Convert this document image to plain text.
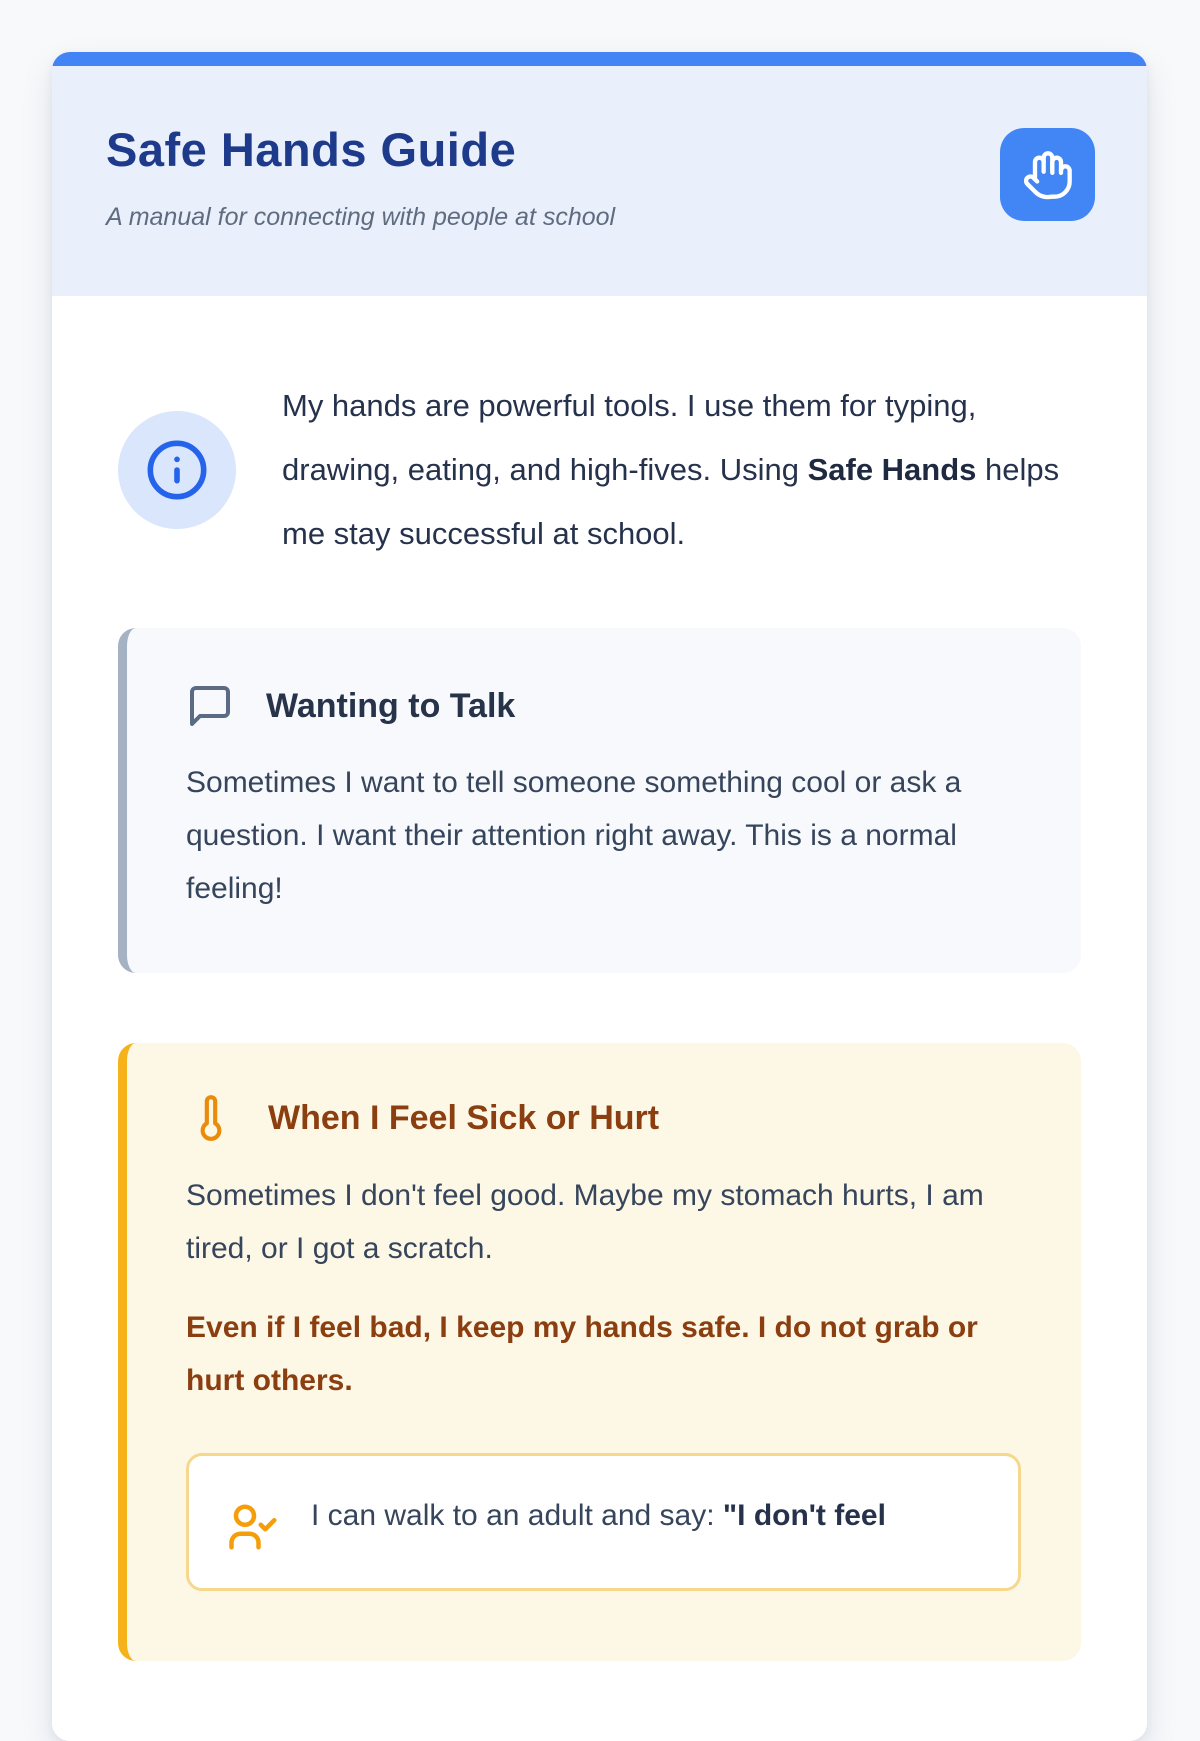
Safe Hands Guide
A manual for connecting with people at school

My hands are powerful tools. I use them for typing, drawing, eating, and high-fives. Using Safe Hands helps me stay successful at school.

Wanting to Talk

Sometimes I want to tell someone something cool or ask a question. I want their attention right away. This is a normal feeling!

When I Feel Sick or Hurt

Sometimes I don't feel good. Maybe my stomach hurts, I am tired, or I got a scratch.

Even if I feel bad, I keep my hands safe. I do not grab or hurt others.

I can walk to an adult and say: "I don't feel
